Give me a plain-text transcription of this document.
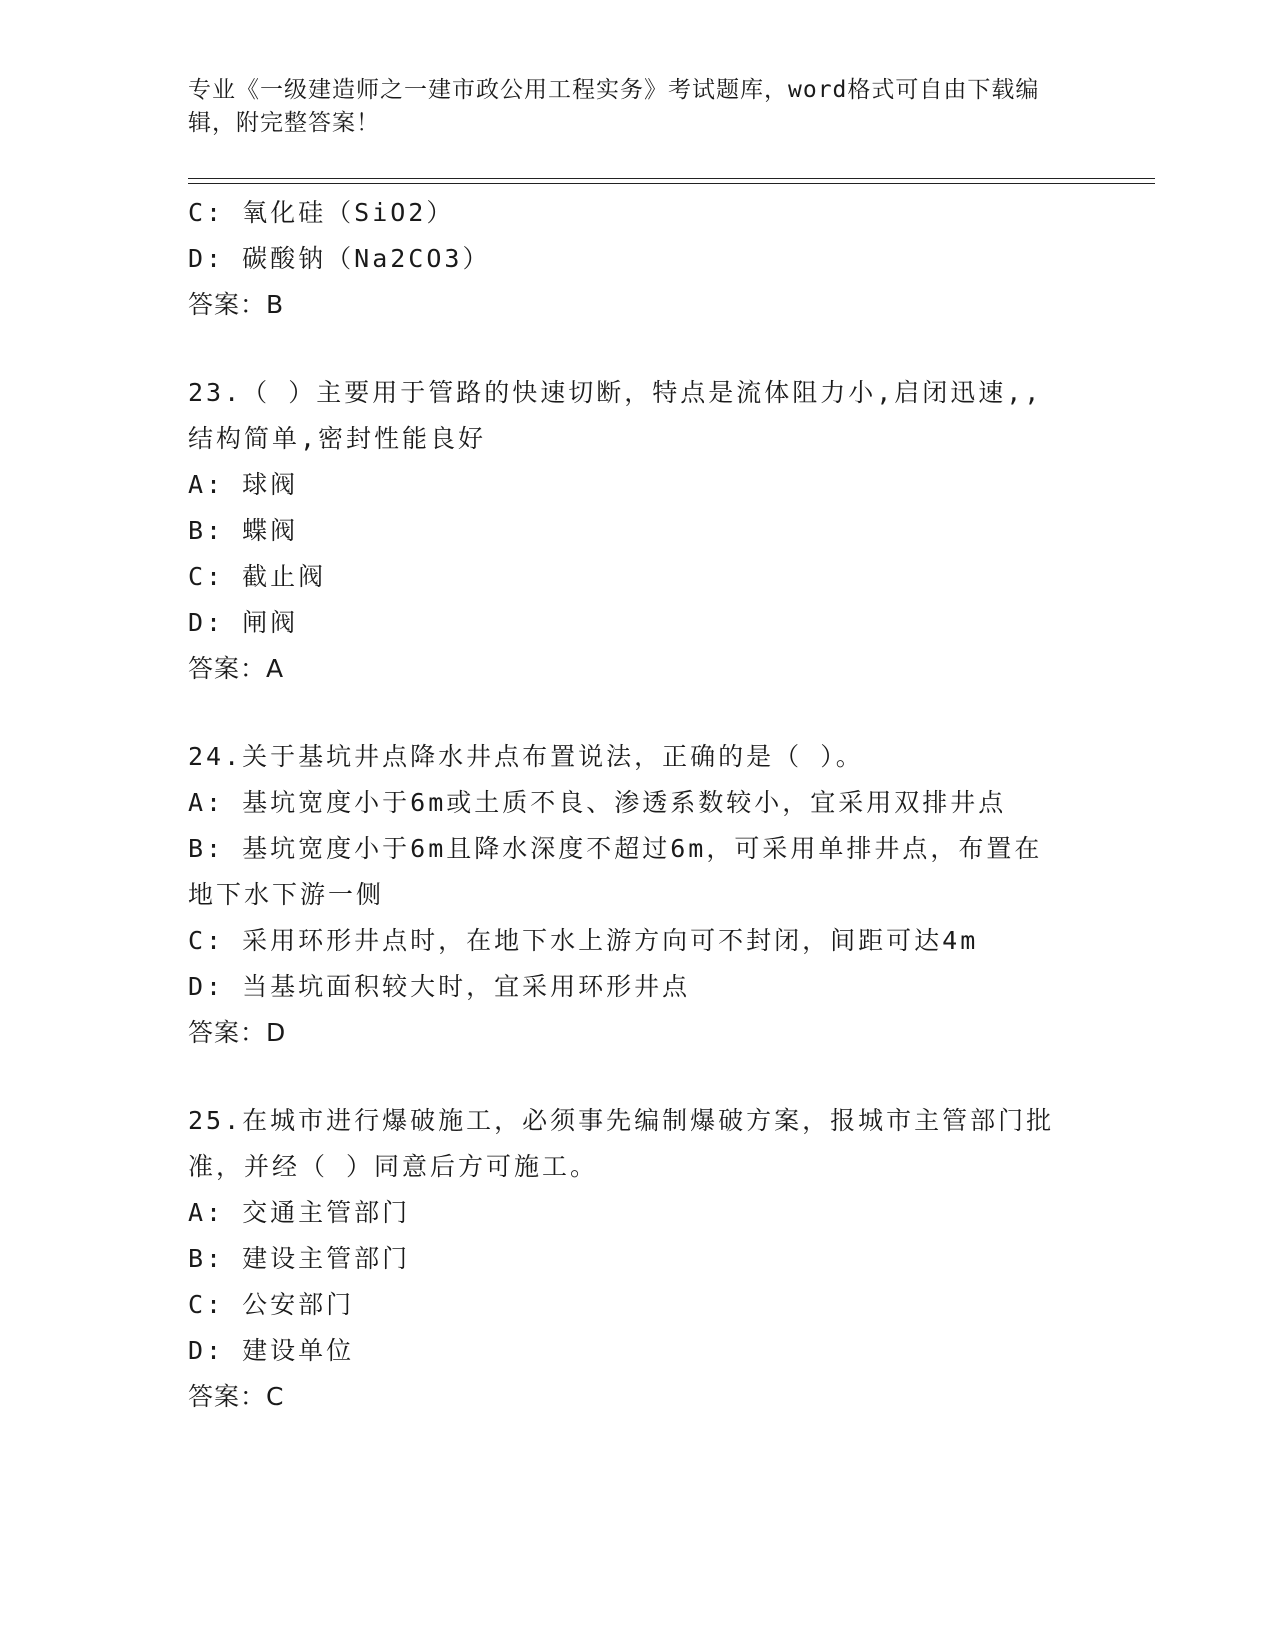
专业《一级建造师之一建市政公用工程实务》考试题库，word格式可自由下载编
辑，附完整答案！
C: 氧化硅（SiO2）
D: 碳酸钠（Na2CO3）
答案：B
23.（ ）主要用于管路的快速切断，特点是流体阻力小,启闭迅速,,
结构简单,密封性能良好
A: 球阀
B: 蝶阀
C: 截止阀
D: 闸阀
答案：A
24.关于基坑井点降水井点布置说法，正确的是（ ）。
A: 基坑宽度小于6m或土质不良、渗透系数较小，宜采用双排井点
B: 基坑宽度小于6m且降水深度不超过6m，可采用单排井点，布置在
地下水下游一侧
C: 采用环形井点时，在地下水上游方向可不封闭，间距可达4m
D: 当基坑面积较大时，宜采用环形井点
答案：D
25.在城市进行爆破施工，必须事先编制爆破方案，报城市主管部门批
准，并经（ ）同意后方可施工。
A: 交通主管部门
B: 建设主管部门
C: 公安部门
D: 建设单位
答案：C
